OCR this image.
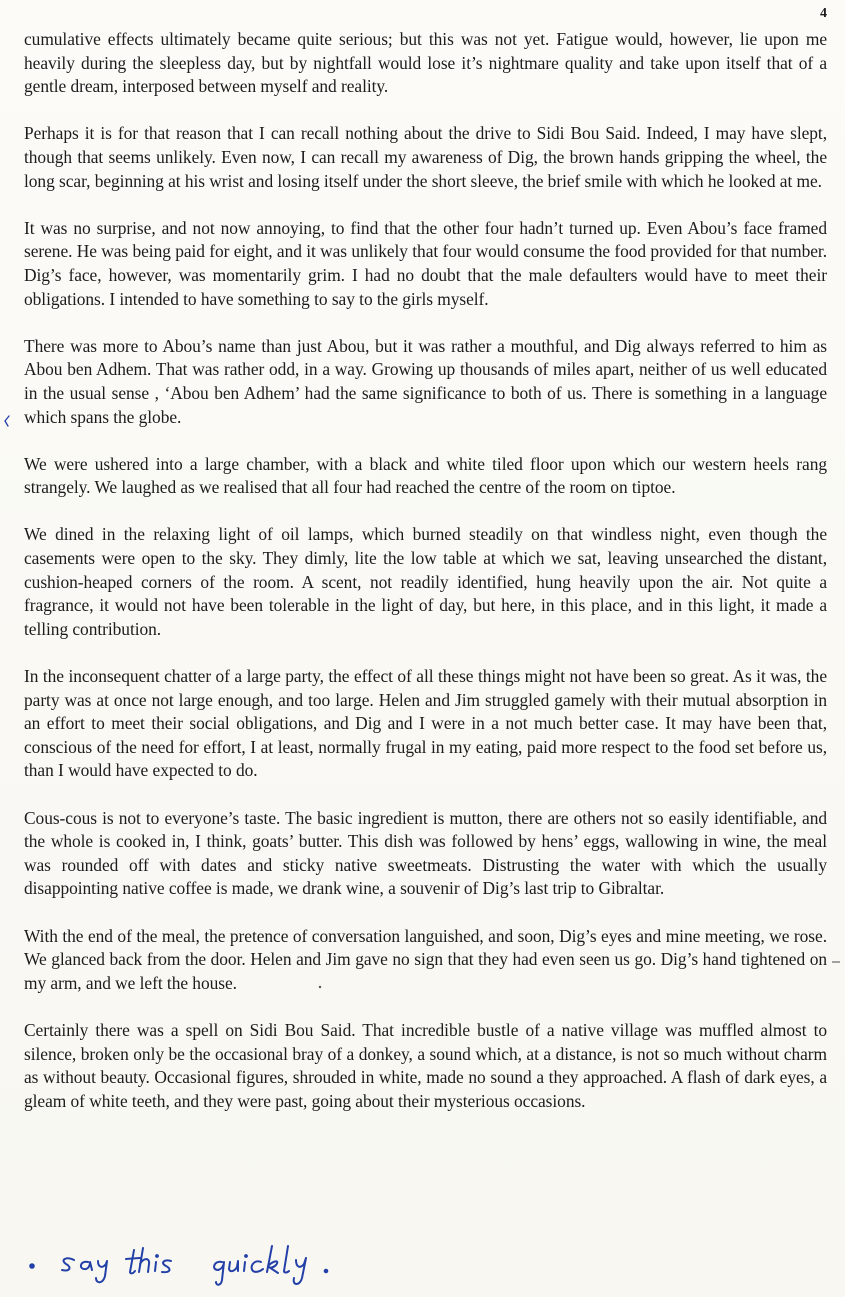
4

cumulative effects ultimately became quite serious; but this was not yet. Fatigue would, however, lie upon me heavily during the sleepless day, but by nightfall would lose it’s nightmare quality and take upon itself that of a gentle dream, interposed between myself and reality.

Perhaps it is for that reason that I can recall nothing about the drive to Sidi Bou Said. Indeed, I may have slept, though that seems unlikely. Even now, I can recall my awareness of Dig, the brown hands gripping the wheel, the long scar, beginning at his wrist and losing itself under the short sleeve, the brief smile with which he looked at me.

It was no surprise, and not now annoying, to find that the other four hadn’t turned up. Even Abou’s face framed serene. He was being paid for eight, and it was unlikely that four would consume the food provided for that number. Dig’s face, however, was momentarily grim. I had no doubt that the male defaulters would have to meet their obligations. I intended to have something to say to the girls myself.

There was more to Abou’s name than just Abou, but it was rather a mouthful, and Dig always referred to him as Abou ben Adhem. That was rather odd, in a way. Growing up thousands of miles apart, neither of us well educated in the usual sense , ‘Abou ben Adhem’ had the same significance to both of us. There is something in a language which spans the globe.

We were ushered into a large chamber, with a black and white tiled floor upon which our western heels rang strangely. We laughed as we realised that all four had reached the centre of the room on tiptoe.

We dined in the relaxing light of oil lamps, which burned steadily on that windless night, even though the casements were open to the sky. They dimly, lite the low table at which we sat, leaving unsearched the distant, cushion-heaped corners of the room. A scent, not readily identified, hung heavily upon the air. Not quite a fragrance, it would not have been tolerable in the light of day, but here, in this place, and in this light, it made a telling contribution.

In the inconsequent chatter of a large party, the effect of all these things might not have been so great. As it was, the party was at once not large enough, and too large. Helen and Jim struggled gamely with their mutual absorption in an effort to meet their social obligations, and Dig and I were in a not much better case. It may have been that, conscious of the need for effort, I at least, normally frugal in my eating, paid more respect to the food set before us, than I would have expected to do.

Cous-cous is not to everyone’s taste. The basic ingredient is mutton, there are others not so easily identifiable, and the whole is cooked in, I think, goats’ butter. This dish was followed by hens’ eggs, wallowing in wine, the meal was rounded off with dates and sticky native sweetmeats. Distrusting the water with which the usually disappointing native coffee is made, we drank wine, a souvenir of Dig’s last trip to Gibraltar.

With the end of the meal, the pretence of conversation languished, and soon, Dig’s eyes and mine meeting, we rose. We glanced back from the door. Helen and Jim gave no sign that they had even seen us go. Dig’s hand tightened on my arm, and we left the house.

Certainly there was a spell on Sidi Bou Said. That incredible bustle of a native village was muffled almost to silence, broken only be the occasional bray of a donkey, a sound which, at a distance, is not so much without charm as without beauty. Occasional figures, shrouded in white, made no sound a they approached. A flash of dark eyes, a gleam of white teeth, and they were past, going about their mysterious occasions.
